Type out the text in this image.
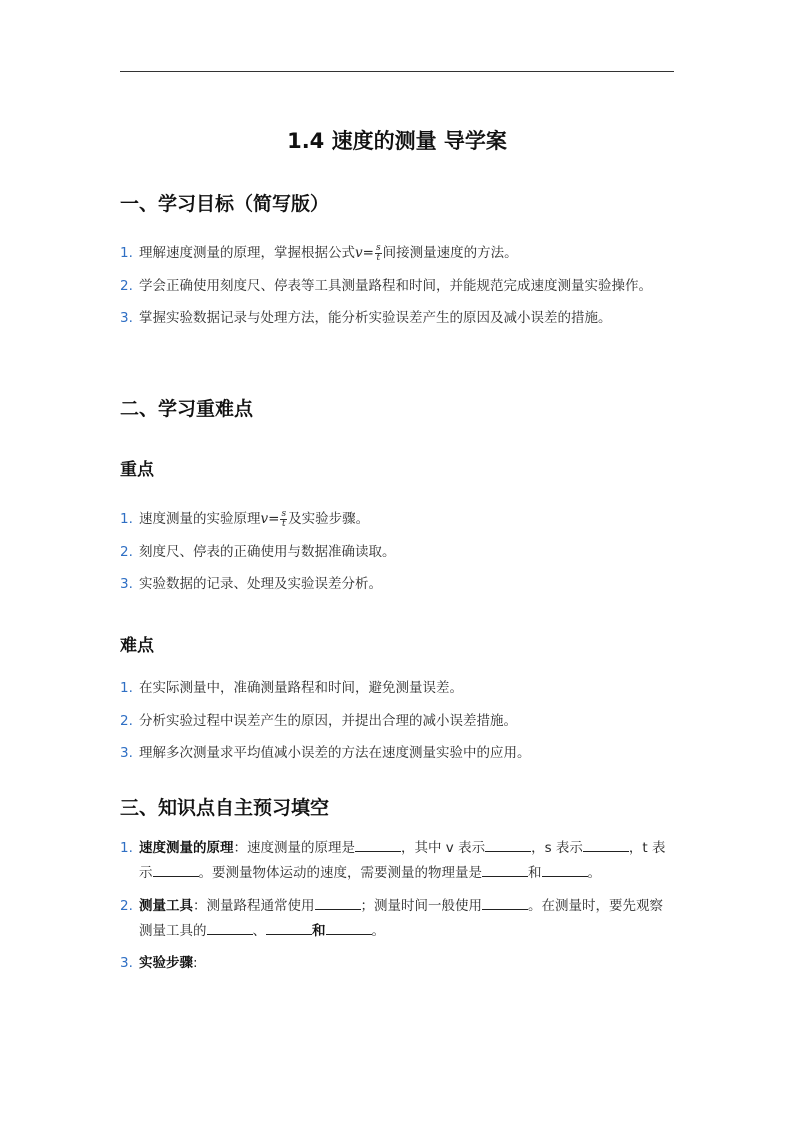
1.4 速度的测量 导学案
一、学习目标（简写版）
1. 理解速度测量的原理，掌握根据公式$v= \frac{s}{t}$ 间接测量速度的方法。
2. 学会正确使用刻度尺、停表等工具测量路程和时间，并能规范完成速度测量实验操作。
3. 掌握实验数据记录与处理方法，能分析实验误差产生的原因及减小误差的措施。
二、学习重难点
重点
1. 速度测量的实验原理$v= \frac{s}{t}$ 及实验步骤。
2. 刻度尺、停表的正确使用与数据准确读取。
3. 实验数据的记录、处理及实验误差分析。
难点
1. 在实际测量中，准确测量路程和时间，避免测量误差。
2. 分析实验过程中误差产生的原因，并提出合理的减小误差措施。
3. 理解多次测量求平均值减小误差的方法在速度测量实验中的应用。
三、知识点自主预习填空
1. 速度测量的原理：速度测量的原理是	，其中 v 表示	，s 表示	，t 表示	。要测量物体运动的速度，需要测量的物理量是	和	。
2. 测量工具：测量路程通常使用	；测量时间一般使用	。在测量时，要先观察测量工具的	、	和	。
3. 实验步骤:
